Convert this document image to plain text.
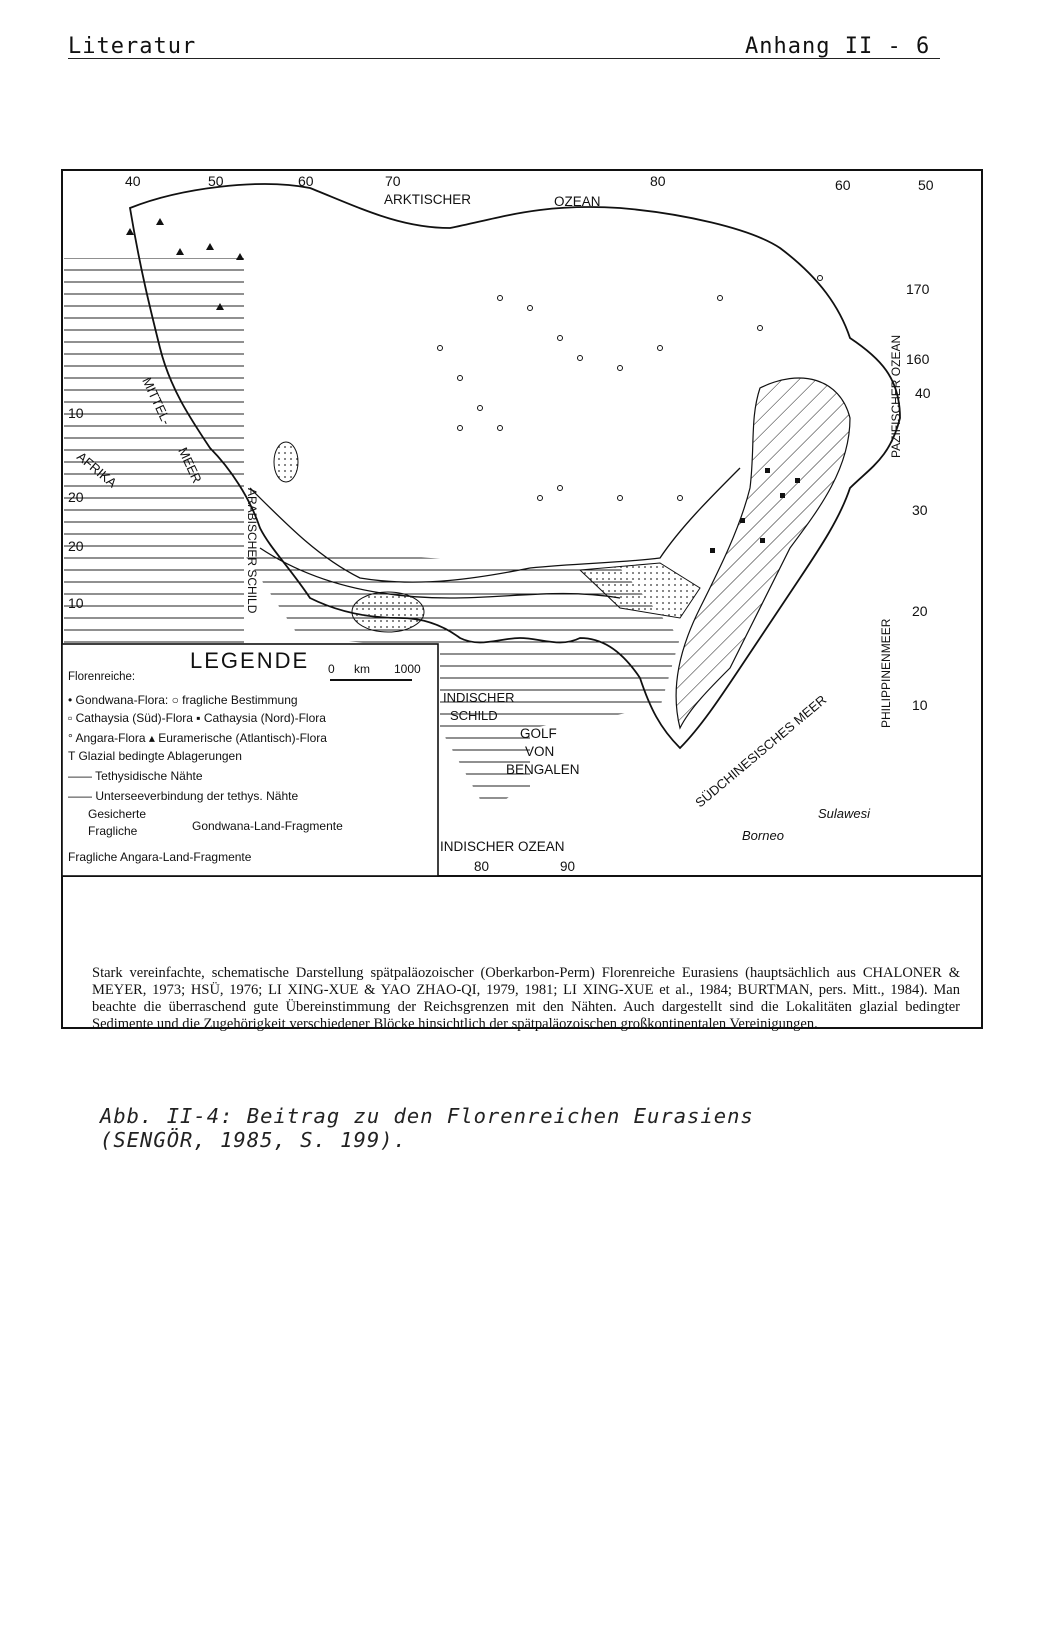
Literatur	Anhang II - 6
40	50	60	70	80	60	50
170
160
40
30
20
10
10
20
20
10
ARKTISCHER	OZEAN
MITTEL-
MEER
AFRIKA
ARABISCHER SCHILD
INDISCHER
SCHILD
GOLF
VON
BENGALEN
INDISCHER OZEAN
80	90
SÜDCHINESISCHES MEER
PAZIFISCHER OZEAN
PHILIPPINENMEER
Borneo
Sulawesi
LEGENDE 0 km 1000
Florenreiche:
• Gondwana-Flora: ○ fragliche Bestimmung
▫ Cathaysia (Süd)-Flora ▪ Cathaysia (Nord)-Flora
° Angara-Flora ▴ Euramerische (Atlantisch)-Flora
T Glazial bedingte Ablagerungen
—— Tethysidische Nähte
—— Unterseeverbindung der tethys. Nähte
Gesicherte
Fragliche	Gondwana-Land-Fragmente
Fragliche Angara-Land-Fragmente
Stark vereinfachte, schematische Darstellung spätpaläozoischer (Oberkarbon-Perm) Florenreiche Eurasiens (hauptsächlich aus CHALONER & MEYER, 1973; HSÜ, 1976; LI XING-XUE & YAO ZHAO-QI, 1979, 1981; LI XING-XUE et al., 1984; BURTMAN, pers. Mitt., 1984). Man beachte die überraschend gute Übereinstimmung der Reichsgrenzen mit den Nähten. Auch dargestellt sind die Lokalitäten glazial bedingter Sedimente und die Zugehörigkeit verschiedener Blöcke hinsichtlich der spätpaläozoischen großkontinentalen Vereinigungen.
Abb. II-4: Beitrag zu den Florenreichen Eurasiens
(SENGÖR, 1985, S. 199).
